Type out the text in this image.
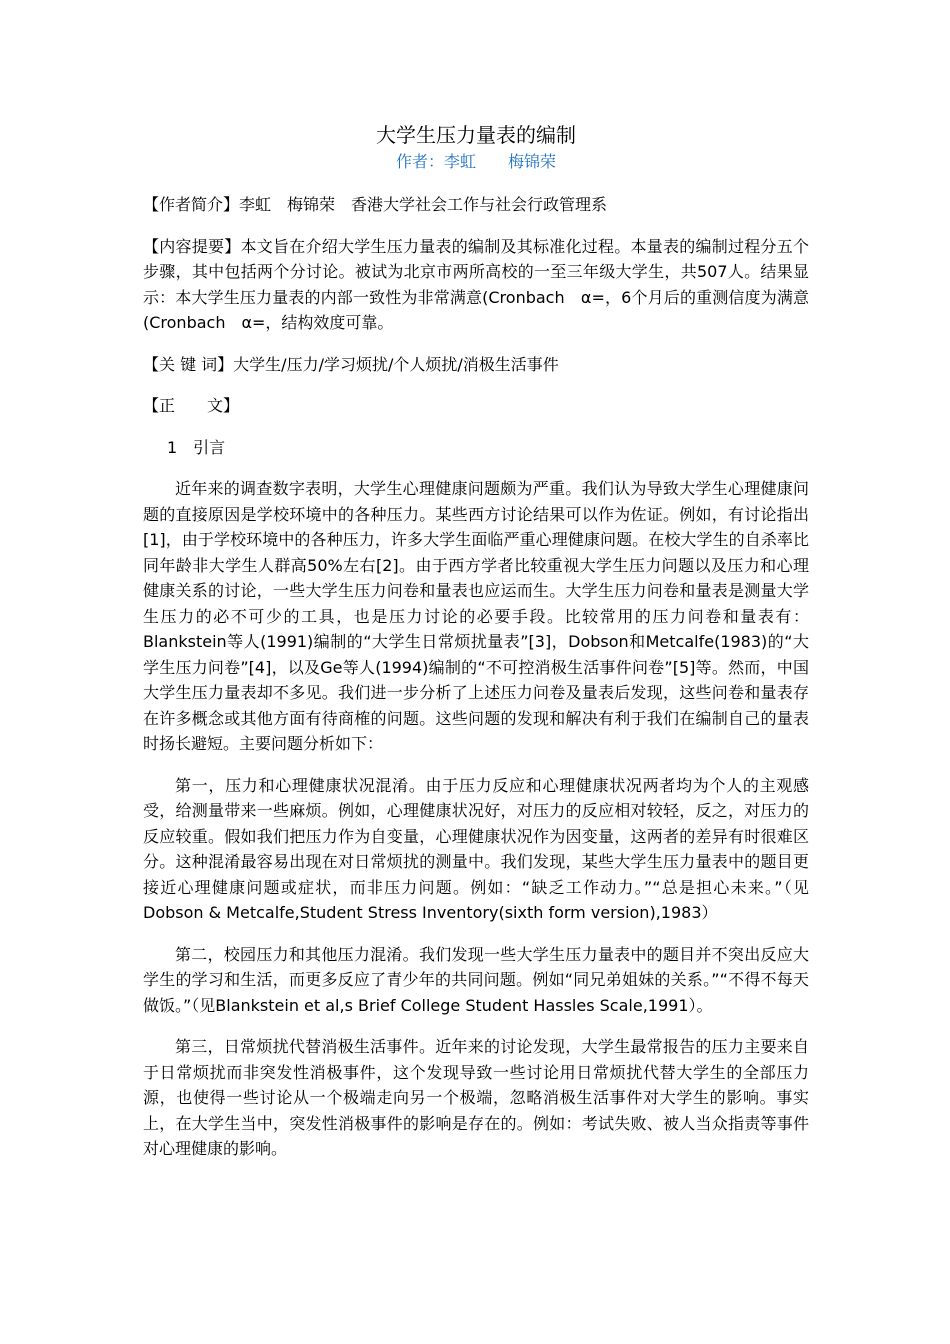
大学生压力量表的编制
作者：李虹　　梅锦荣

【作者简介】李虹　梅锦荣　香港大学社会工作与社会行政管理系

【内容提要】本文旨在介绍大学生压力量表的编制及其标准化过程。本量表的编制过程分五个步骤，其中包括两个分讨论。被试为北京市两所高校的一至三年级大学生，共507人。结果显示：本大学生压力量表的内部一致性为非常满意(Cronbach　α=，6个月后的重测信度为满意(Cronbach　α=，结构效度可靠。

【关 键 词】大学生/压力/学习烦扰/个人烦扰/消极生活事件

【正　　文】

1　引言

近年来的调查数字表明，大学生心理健康问题颇为严重。我们认为导致大学生心理健康问题的直接原因是学校环境中的各种压力。某些西方讨论结果可以作为佐证。例如，有讨论指出[1]，由于学校环境中的各种压力，许多大学生面临严重心理健康问题。在校大学生的自杀率比同年龄非大学生人群高50%左右[2]。由于西方学者比较重视大学生压力问题以及压力和心理健康关系的讨论，一些大学生压力问卷和量表也应运而生。大学生压力问卷和量表是测量大学生压力的必不可少的工具，也是压力讨论的必要手段。比较常用的压力问卷和量表有：Blankstein等人(1991)编制的“大学生日常烦扰量表”[3]，Dobson和Metcalfe(1983)的“大学生压力问卷”[4]，以及Ge等人(1994)编制的“不可控消极生活事件问卷”[5]等。然而，中国大学生压力量表却不多见。我们进一步分析了上述压力问卷及量表后发现，这些问卷和量表存在许多概念或其他方面有待商榷的问题。这些问题的发现和解决有利于我们在编制自己的量表时扬长避短。主要问题分析如下：

第一，压力和心理健康状况混淆。由于压力反应和心理健康状况两者均为个人的主观感受，给测量带来一些麻烦。例如，心理健康状况好，对压力的反应相对较轻，反之，对压力的反应较重。假如我们把压力作为自变量，心理健康状况作为因变量，这两者的差异有时很难区分。这种混淆最容易出现在对日常烦扰的测量中。我们发现，某些大学生压力量表中的题目更接近心理健康问题或症状，而非压力问题。例如：“缺乏工作动力。”“总是担心未来。”（见Dobson & Metcalfe,Student Stress Inventory(sixth form version),1983）

第二，校园压力和其他压力混淆。我们发现一些大学生压力量表中的题目并不突出反应大学生的学习和生活，而更多反应了青少年的共同问题。例如“同兄弟姐妹的关系。”“不得不每天做饭。”（见Blankstein et al,s Brief College Student Hassles Scale,1991）。

第三，日常烦扰代替消极生活事件。近年来的讨论发现，大学生最常报告的压力主要来自于日常烦扰而非突发性消极事件，这个发现导致一些讨论用日常烦扰代替大学生的全部压力源，也使得一些讨论从一个极端走向另一个极端，忽略消极生活事件对大学生的影响。事实上，在大学生当中，突发性消极事件的影响是存在的。例如：考试失败、被人当众指责等事件对心理健康的影响。
